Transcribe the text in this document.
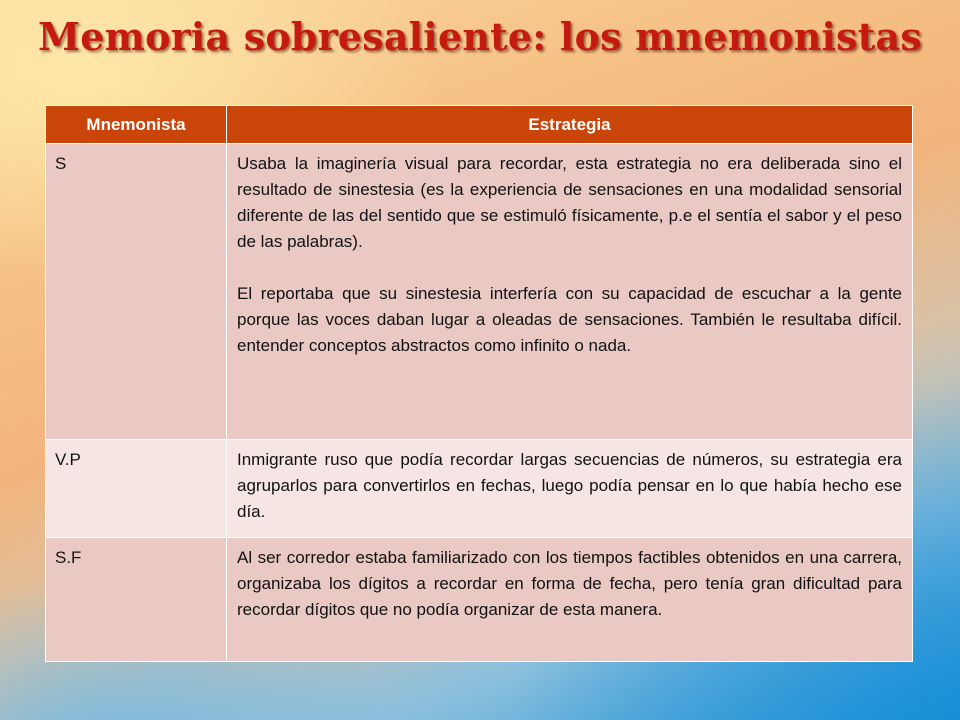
Memoria sobresaliente: los mnemonistas
Mnemonista	Estrategia
S	Usaba la imaginería visual para recordar, esta estrategia no era deliberada sino el resultado de sinestesia (es la experiencia de sensaciones en una modalidad sensorial diferente de las del sentido que se estimuló físicamente, p.e el sentía el sabor y el peso de las palabras).

El reportaba que su sinestesia interfería con su capacidad de escuchar a la gente porque las voces daban lugar a oleadas de sensaciones. También le resultaba difícil. entender conceptos abstractos como infinito o nada.

V.P	Inmigrante ruso que podía recordar largas secuencias de números, su estrategia era agruparlos para convertirlos en fechas, luego podía pensar en lo que había hecho ese día.

S.F	Al ser corredor estaba familiarizado con los tiempos factibles obtenidos en una carrera, organizaba los dígitos a recordar en forma de fecha, pero tenía gran dificultad para recordar dígitos que no podía organizar de esta manera.
